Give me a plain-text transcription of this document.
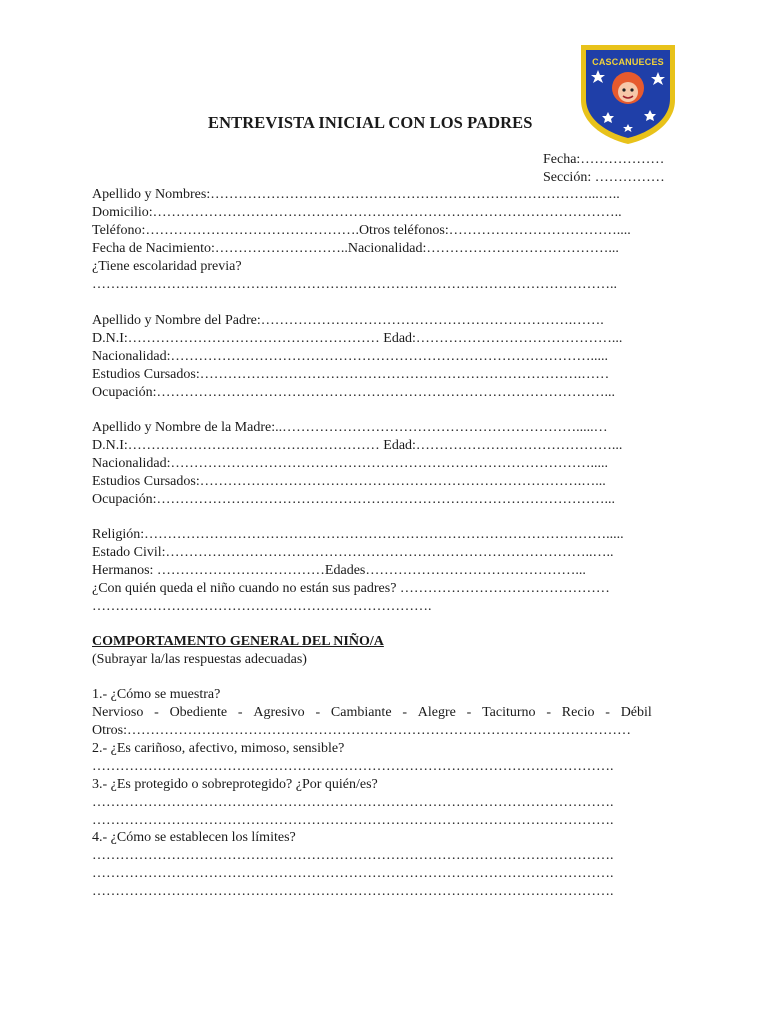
CASCANUECES
ENTREVISTA INICIAL CON LOS PADRES
Fecha:………………
Sección: ……………
Apellido y Nombres:………………………………………………………………………...…..
Domicilio:………………………………………………………………………………………..
Teléfono:……………………………………….Otros teléfonos:………………………………....
Fecha de Nacimiento:………………………..Nacionalidad:…………………………………...
¿Tiene escolaridad previa?
…………………………………………………………………………………………………..
Apellido y Nombre del Padre:………………………………………………………….…….
D.N.I:……………………………………………… Edad:……………………………………...
Nacionalidad:……………………………………………………………………………….....
Estudios Cursados:……………………………………………………………………….……
Ocupación:……………………………………………………………………………………...
Apellido y Nombre de la Madre:..……………………………………………………….....…
D.N.I:……………………………………………… Edad:……………………………………...
Nacionalidad:……………………………………………………………………………….....
Estudios Cursados:……………………………………………………………………….…...
Ocupación:……………………………………………………………………………………...
Religión:……………………………………………………………………………………….....
Estado Civil:………………………………………………………………………………..…..
Hermanos: ………………………………Edades………………………………………...
¿Con quién queda el niño cuando no están sus padres? ………………………………………
……………………………………………………………….
COMPORTAMENTO GENERAL DEL NIÑO/A
(Subrayar la/las respuestas adecuadas)
1.- ¿Cómo se muestra?
Nervioso - Obediente - Agresivo - Cambiante - Alegre - Taciturno - Recio - Débil
Otros:………………………………………………………………………………………………
2.- ¿Es cariñoso, afectivo, mimoso, sensible?
………………………………………………………………………………………………….
3.- ¿Es protegido o sobreprotegido? ¿Por quién/es?
………………………………………………………………………………………………….
………………………………………………………………………………………………….
4.- ¿Cómo se establecen los límites?
………………………………………………………………………………………………….
………………………………………………………………………………………………….
………………………………………………………………………………………………….
